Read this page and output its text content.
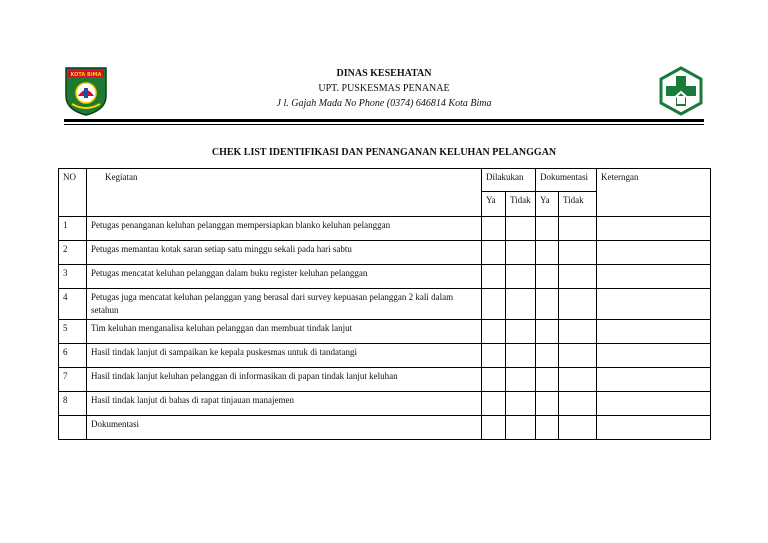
KOTA BIMA	DINAS KESEHATAN
UPT. PUSKESMAS PENANAE
J l. Gajah Mada No Phone (0374) 646814 Kota Bima
CHEK LIST IDENTIFIKASI DAN PENANGANAN KELUHAN PELANGGAN
NO	Kegiatan	Dilakukan		Dokumentasi		Keterngan
		Ya	Tidak	Ya	Tidak	
1	Petugas penanganan keluhan pelanggan mempersiapkan blanko keluhan pelanggan					
2	Petugas memantau kotak saran setiap satu minggu sekali pada hari sabtu					
3	Petugas mencatat keluhan pelanggan dalam buku register keluhan pelanggan					
4	Petugas juga mencatat keluhan pelanggan yang berasal dari survey kepuasan pelanggan 2 kali dalam setahun					
5	Tim keluhan menganalisa keluhan pelanggan dan membuat tindak lanjut					
6	Hasil tindak lanjut di sampaikan ke kepala puskesmas untuk di tandatangi					
7	Hasil tindak lanjut keluhan pelanggan di informasikan di papan tindak lanjut keluhan					
8	Hasil tindak lanjut di bahas di rapat tinjauan manajemen					
	Dokumentasi					
